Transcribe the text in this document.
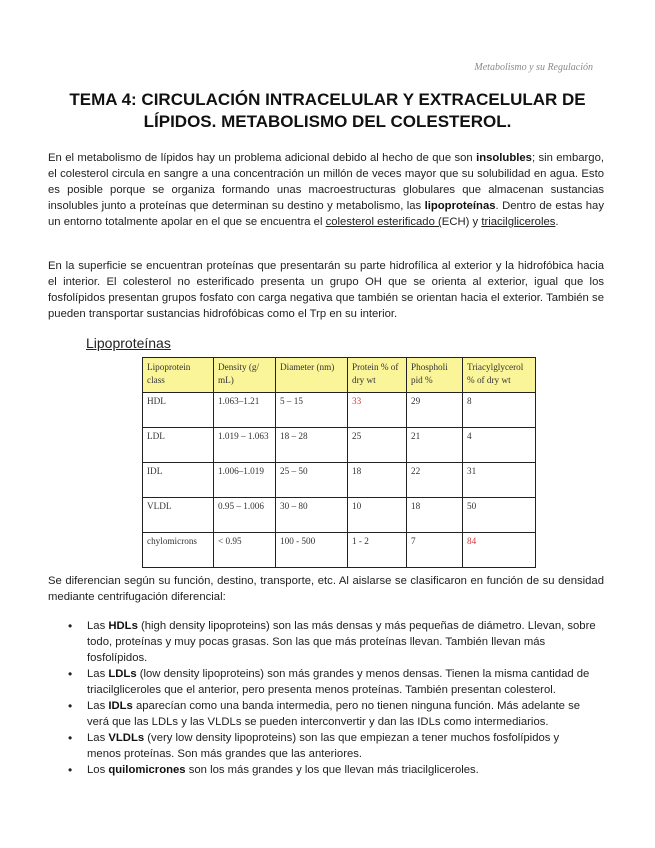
Metabolismo y su Regulación
TEMA 4: CIRCULACIÓN INTRACELULAR Y EXTRACELULAR DE
LÍPIDOS. METABOLISMO DEL COLESTEROL.
En el metabolismo de lípidos hay un problema adicional debido al hecho de que son insolubles; sin embargo, el colesterol circula en sangre a una concentración un millón de veces mayor que su solubilidad en agua. Esto es posible porque se organiza formando unas macroestructuras globulares que almacenan sustancias insolubles junto a proteínas que determinan su destino y metabolismo, las lipoproteínas. Dentro de estas hay un entorno totalmente apolar en el que se encuentra el colesterol esterificado (ECH) y triacilgliceroles.
En la superficie se encuentran proteínas que presentarán su parte hidrofílica al exterior y la hidrofóbica hacia el interior. El colesterol no esterificado presenta un grupo OH que se orienta al exterior, igual que los fosfolípidos presentan grupos fosfato con carga negativa que también se orientan hacia el exterior. También se pueden transportar sustancias hidrofóbicas como el Trp en su interior.
Lipoproteínas
Lipoprotein class	Density (g/ mL)	Diameter (nm)	Protein % of dry wt	Phospholi pid %	Triacylglycerol % of dry wt
HDL	1.063–1.21	5 – 15	33	29	8
LDL	1.019 – 1.063	18 – 28	25	21	4
IDL	1.006–1.019	25 – 50	18	22	31
VLDL	0.95 – 1.006	30 – 80	10	18	50
chylomicrons	< 0.95	100 - 500	1 - 2	7	84
Se diferencian según su función, destino, transporte, etc. Al aislarse se clasificaron en función de su densidad mediante centrifugación diferencial:
• Las HDLs (high density lipoproteins) son las más densas y más pequeñas de diámetro. Llevan, sobre todo, proteínas y muy pocas grasas. Son las que más proteínas llevan. También llevan más fosfolípidos.
• Las LDLs (low density lipoproteins) son más grandes y menos densas. Tienen la misma cantidad de triacilgliceroles que el anterior, pero presenta menos proteínas. También presentan colesterol.
• Las IDLs aparecían como una banda intermedia, pero no tienen ninguna función. Más adelante se verá que las LDLs y las VLDLs se pueden interconvertir y dan las IDLs como intermediarios.
• Las VLDLs (very low density lipoproteins) son las que empiezan a tener muchos fosfolípidos y menos proteínas. Son más grandes que las anteriores.
• Los quilomicrones son los más grandes y los que llevan más triacilgliceroles.
